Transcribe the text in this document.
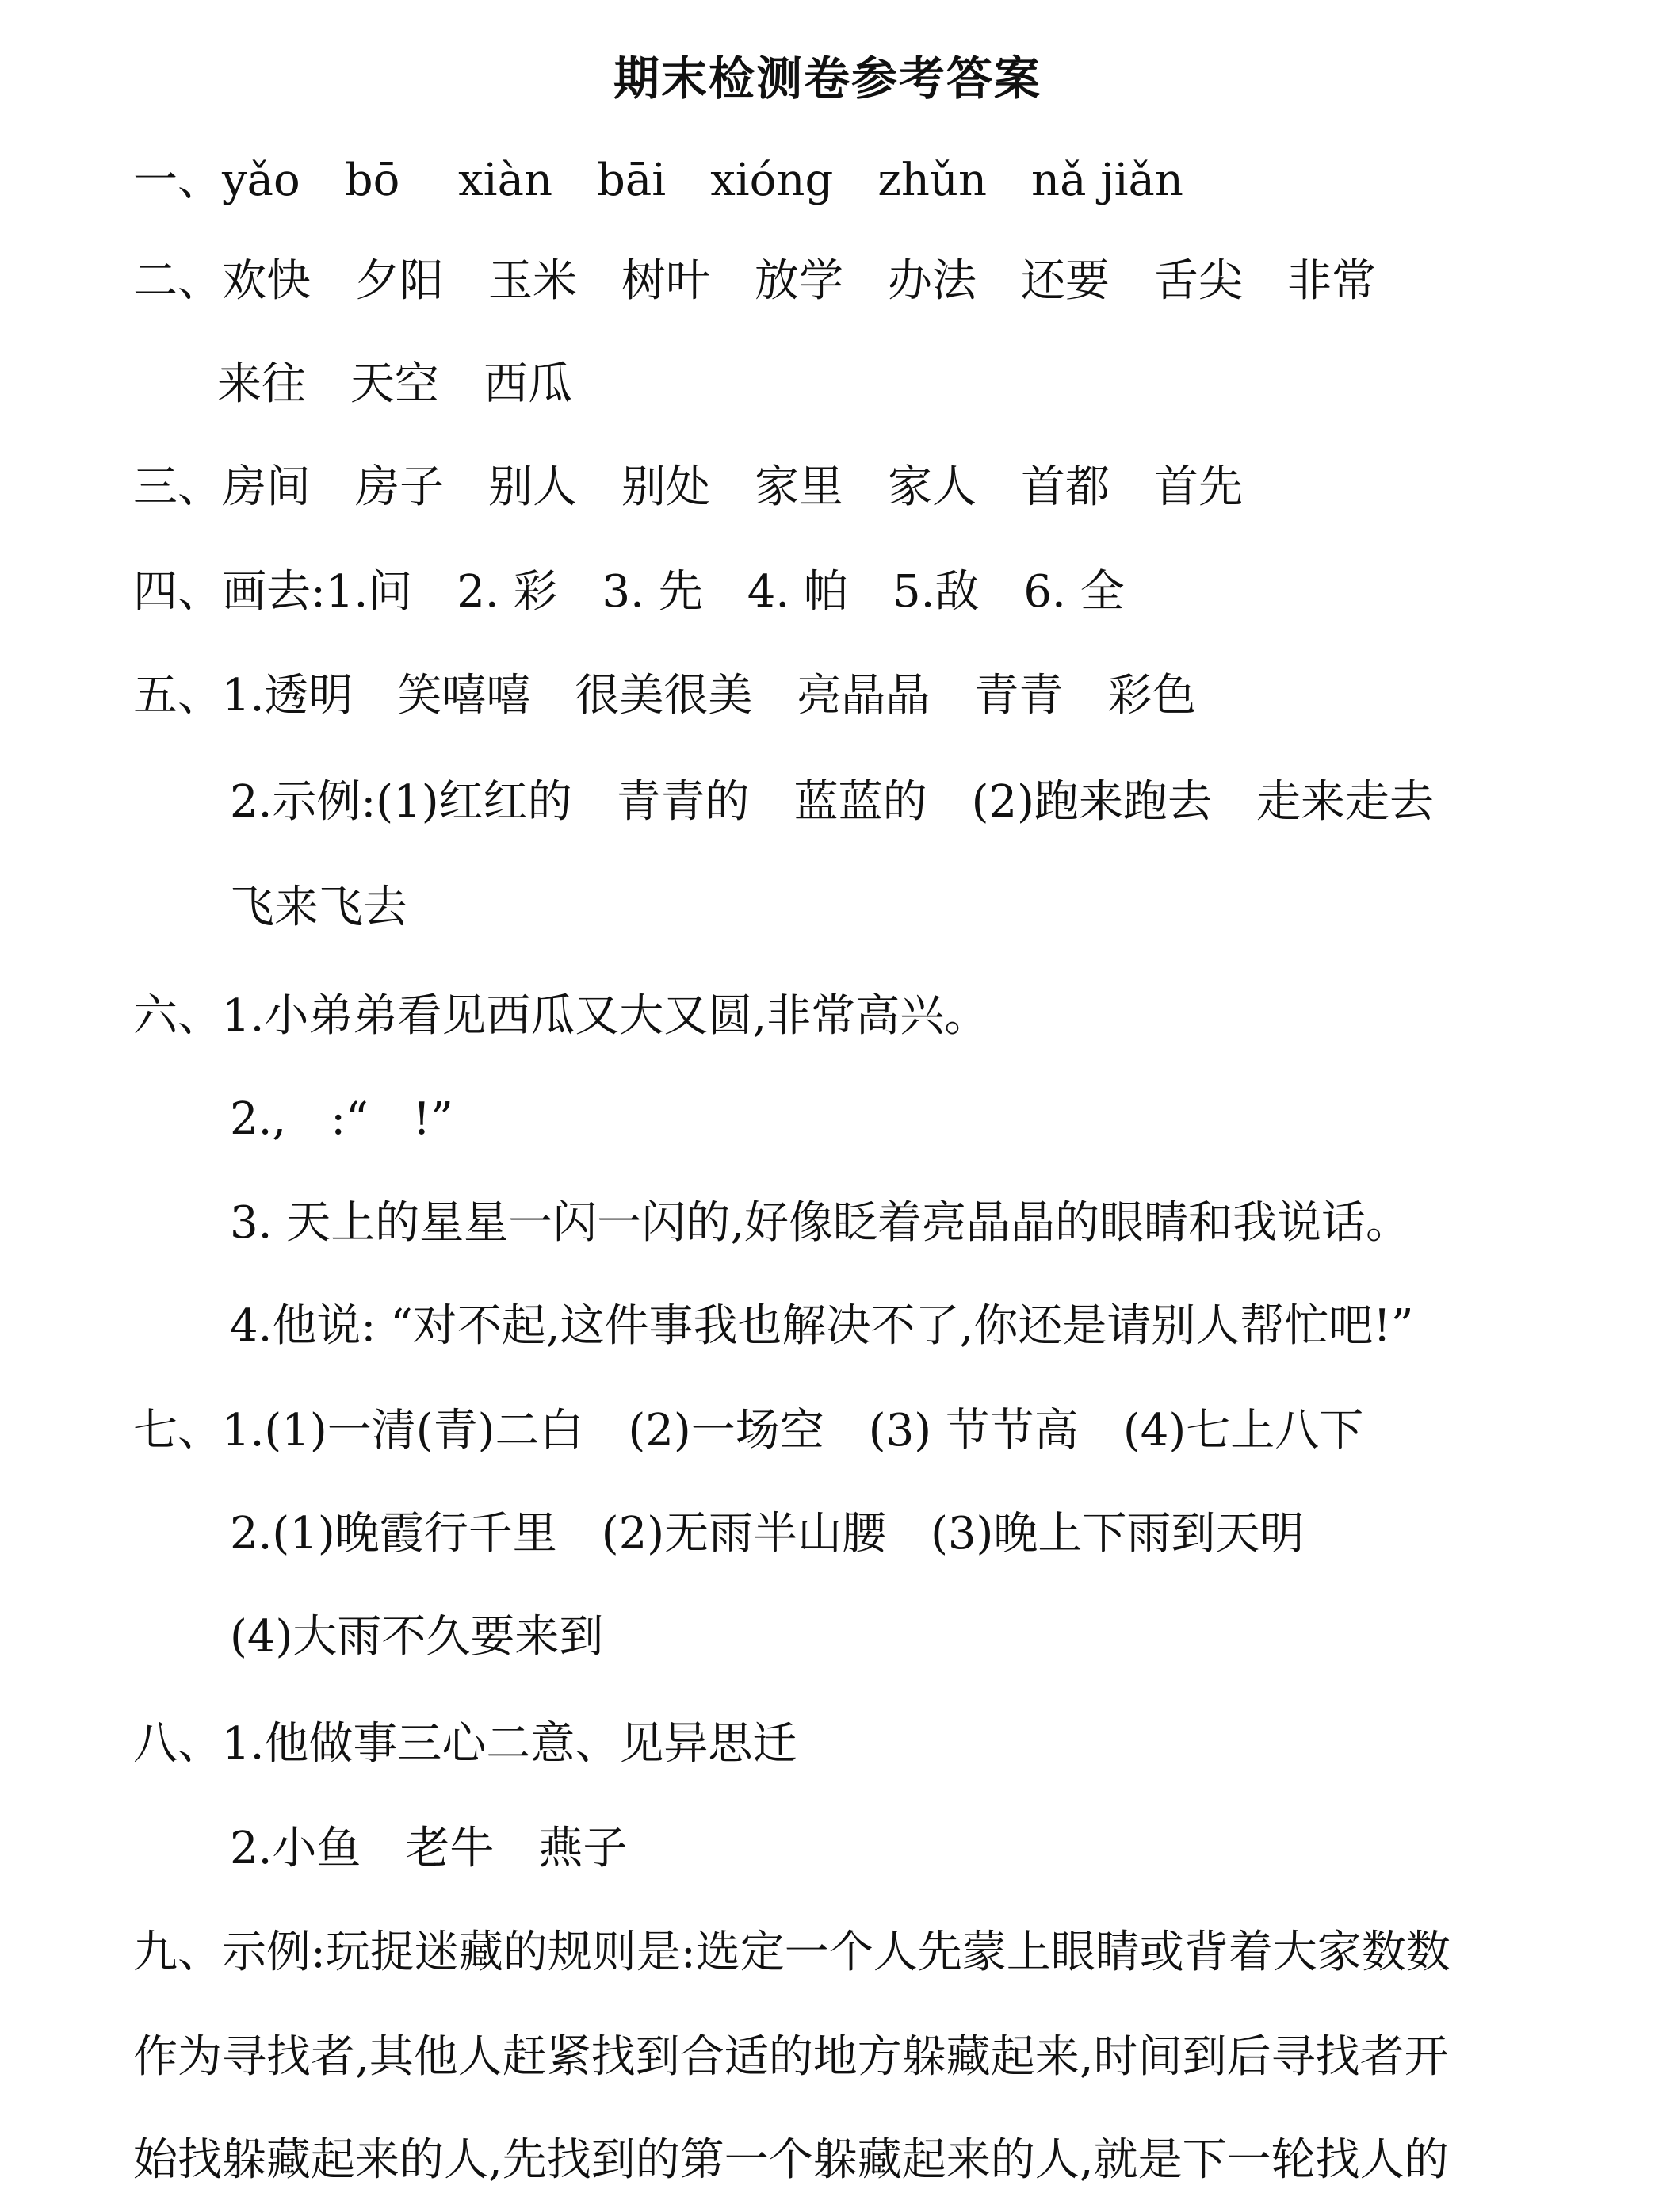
期末检测卷参考答案
一、yǎo　bō　 xiàn　bāi　xióng　zhǔn　nǎ jiǎn
二、欢快　夕阳　玉米　树叶　放学　办法　还要　舌尖　非常
来往　天空　西瓜
三、房间　房子　别人　别处　家里　家人　首都　首先
四、画去:1.问　2. 彩　3. 先　4. 帕　5.敌　6. 全
五、1.透明　笑嘻嘻　很美很美　亮晶晶　青青　彩色
2.示例:(1)红红的　青青的　蓝蓝的　(2)跑来跑去　走来走去
飞来飞去
六、1.小弟弟看见西瓜又大又圆,非常高兴。
2.,　:“　!”
3. 天上的星星一闪一闪的,好像眨着亮晶晶的眼睛和我说话。
4.他说: “对不起,这件事我也解决不了,你还是请别人帮忙吧!”
七、1.(1)一清(青)二白　(2)一场空　(3) 节节高　(4)七上八下
2.(1)晚霞行千里　(2)无雨半山腰　(3)晚上下雨到天明
(4)大雨不久要来到
八、1.他做事三心二意、见异思迁
2.小鱼　老牛　燕子
九、示例:玩捉迷藏的规则是:选定一个人先蒙上眼睛或背着大家数数
作为寻找者,其他人赶紧找到合适的地方躲藏起来,时间到后寻找者开
始找躲藏起来的人,先找到的第一个躲藏起来的人,就是下一轮找人的
